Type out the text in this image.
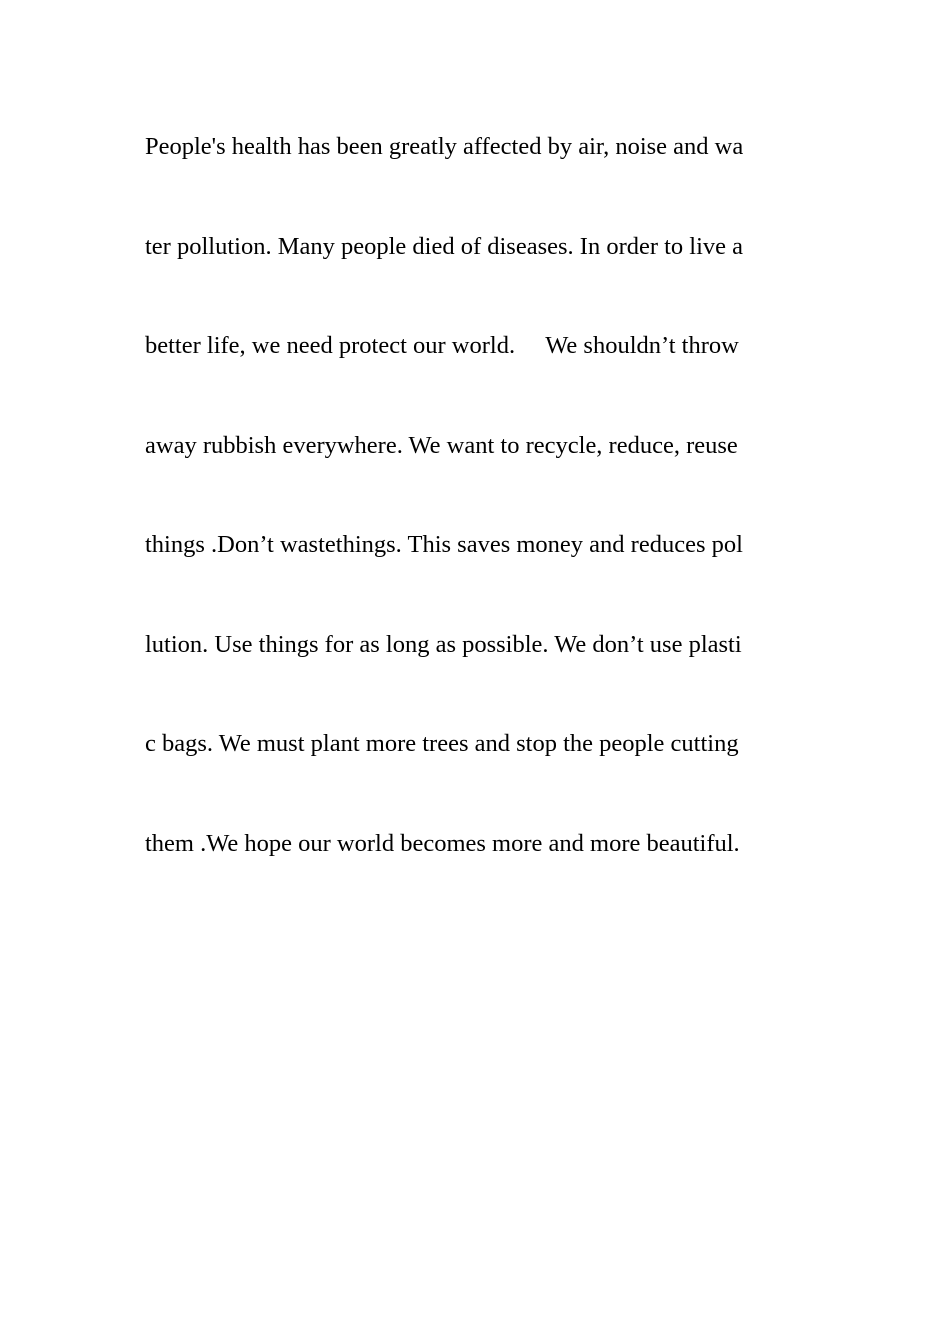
People's health has been greatly affected by air, noise and wa
ter pollution. Many people died of diseases. In order to live a
better life, we need protect our world.     We shouldn’t throw
away rubbish everywhere. We want to recycle, reduce, reuse
things .Don’t wastethings. This saves money and reduces pol
lution. Use things for as long as possible. We don’t use plasti
c bags. We must plant more trees and stop the people cutting
them .We hope our world becomes more and more beautiful.
